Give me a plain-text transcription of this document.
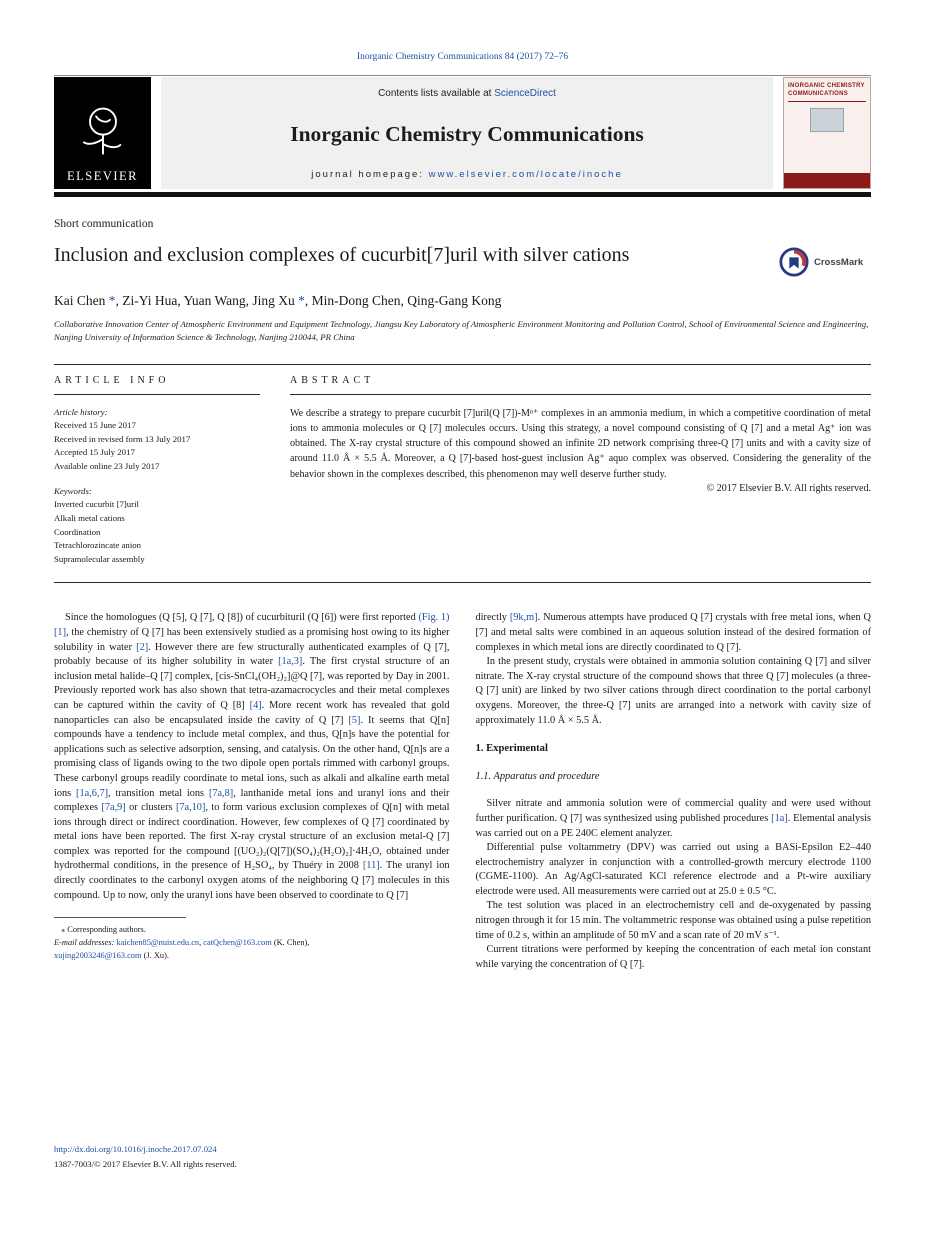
Inorganic Chemistry Communications 84 (2017) 72–76
ELSEVIER
Contents lists available at ScienceDirect
Inorganic Chemistry Communications
journal homepage: www.elsevier.com/locate/inoche
INORGANIC CHEMISTRY COMMUNICATIONS
Short communication
Inclusion and exclusion complexes of cucurbit[7]uril with silver cations	CrossMark
Kai Chen *, Zi-Yi Hua, Yuan Wang, Jing Xu *, Min-Dong Chen, Qing-Gang Kong
Collaborative Innovation Center of Atmospheric Environment and Equipment Technology, Jiangsu Key Laboratory of Atmospheric Environment Monitoring and Pollution Control, School of Environmental Science and Engineering, Nanjing University of Information Science & Technology, Nanjing 210044, PR China
ARTICLE INFO
Article history:
Received 15 June 2017
Received in revised form 13 July 2017
Accepted 15 July 2017
Available online 23 July 2017
Keywords:
Inverted cucurbit [7]uril
Alkali metal cations
Coordination
Tetrachlorozincate anion
Supramolecular assembly
ABSTRACT

We describe a strategy to prepare cucurbit [7]uril(Q [7])-Mⁿ⁺ complexes in an ammonia medium, in which a competitive coordination of metal ions to ammonia molecules or Q [7] molecules occurs. Using this strategy, a novel compound consisting of Q [7] and a metal Ag⁺ ion was obtained. The X-ray crystal structure of this compound showed an infinite 2D network comprising three-Q [7] units and with a cavity size of around 11.0 Å × 5.5 Å. Moreover, a Q [7]-based host-guest inclusion Ag⁺ aquo complex was observed. Considering the generality of the behavior shown in the complexes described, this phenomenon may well deserve further study.

© 2017 Elsevier B.V. All rights reserved.

Since the homologues (Q [5], Q [7], Q [8]) of cucurbituril (Q [6]) were first reported (Fig. 1) [1], the chemistry of Q [7] has been extensively studied as a promising host owing to its higher solubility in water [2]. However there are few structurally authenticated examples of Q [7], probably because of its higher solubility in water [1a,3]. The first crystal structure of an inclusion metal halide–Q [7] complex, [cis-SnCl₄(OH₂)₂]@Q [7], was reported by Day in 2001. Previously reported work has also shown that tetra-azamacrocycles and their metal complexes can be captured within the cavity of Q [8] [4]. More recent work has revealed that gold nanoparticles can also be encapsulated inside the cavity of Q [7] [5]. It seems that Q[n] compounds have a tendency to include metal complex, and thus, Q[n]s have the potential for applications such as selective adsorption, sensing, and catalysis. On the other hand, Q[n]s are a promising class of ligands owing to the two dipole open portals rimmed with carbonyl groups. These carbonyl groups readily coordinate to metal ions, such as alkali and alkaline earth metal ions [1a,6,7], transition metal ions [7a,8], lanthanide metal ions and uranyl ions and their complexes [7a,9] or clusters [7a,10], to form various exclusion complexes of Q[n] with metal ions through direct or indirect coordination. However, few complexes of Q [7] coordinated by metal ions have been reported. The first X-ray crystal structure of an exclusion metal-Q [7] complex was reported for the compound [(UO₂)₂(Q[7])(SO₄)₂(H₂O)₂]·4H₂O, obtained under hydrothermal conditions, in the presence of H₂SO₄, by Thuéry in 2008 [11]. The uranyl ion directly coordinates to the carbonyl oxygen atoms of the neighboring Q [7] molecules in this compound. Up to now, only the uranyl ions have been observed to coordinate to Q [7]

⁎ Corresponding authors.
E-mail addresses: kaichen85@nuist.edu.cn, catQchen@163.com (K. Chen),
xujing2003246@163.com (J. Xu).

directly [9k,m]. Numerous attempts have produced Q [7] crystals with free metal ions, when Q [7] and metal salts were combined in an aqueous solution instead of the desired formation of complexes in which metal ions are directly coordinated to Q [7].

In the present study, crystals were obtained in ammonia solution containing Q [7] and silver nitrate. The X-ray crystal structure of the compound shows that three Q [7] molecules (a three-Q [7] unit) are linked by two silver cations through direct coordination to the portal carbonyl oxygens. Moreover, the three-Q [7] units are arranged into a network with cavity size of approximately 11.0 Å × 5.5 Å.

1. Experimental
1.1. Apparatus and procedure

Silver nitrate and ammonia solution were of commercial quality and were used without further purification. Q [7] was synthesized using published procedures [1a]. Elemental analysis was carried out on a PE 240C element analyzer.

Differential pulse voltammetry (DPV) was carried out using a BASi-Epsilon E2–440 electrochemistry analyzer in conjunction with a controlled-growth mercury electrode 1100 (CGME-1100). An Ag/AgCl-saturated KCl reference electrode and a Pt-wire auxiliary electrode were used. All measurements were carried out at 25.0 ± 0.5 °C.

The test solution was placed in an electrochemistry cell and de-oxygenated by passing nitrogen through it for 15 min. The voltammetric response was obtained using a pulse repetition time of 0.2 s, within an amplitude of 50 mV and a scan rate of 20 mV s⁻¹.

Current titrations were performed by keeping the concentration of each metal ion constant while varying the concentration of Q [7].

http://dx.doi.org/10.1016/j.inoche.2017.07.024
1387-7003/© 2017 Elsevier B.V. All rights reserved.
